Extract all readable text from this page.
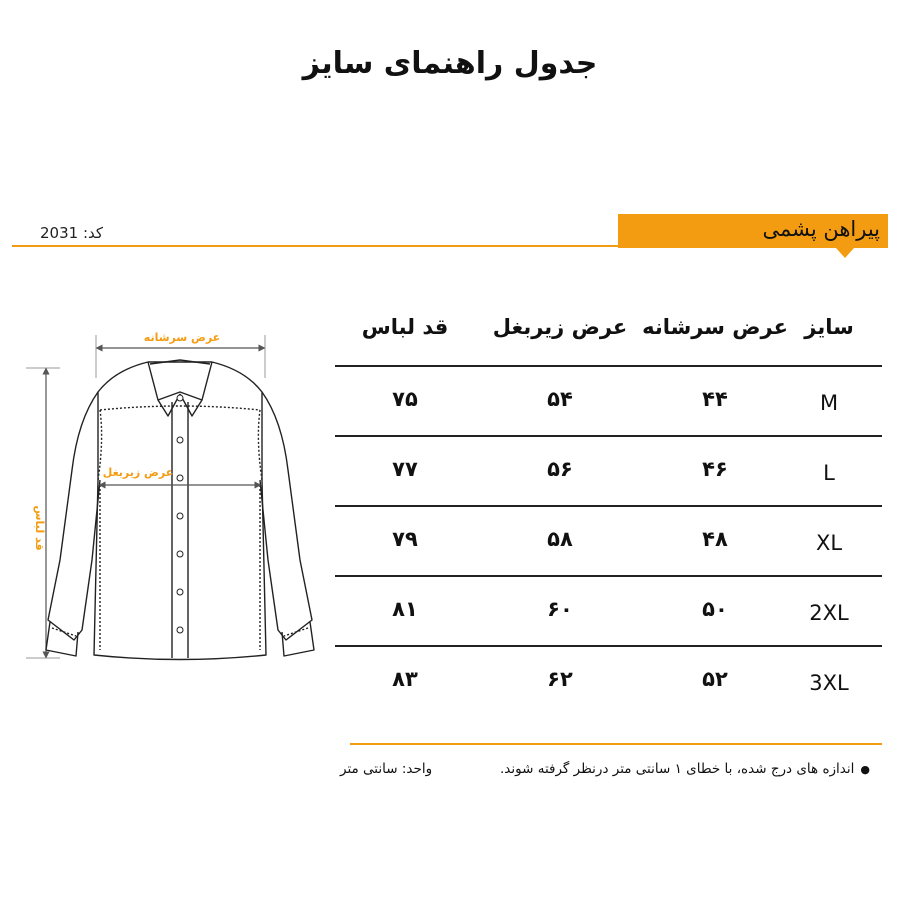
جدول راهنمای سایز
کد: 2031	پیراهن پشمی
عرض سرشانه
قد لباس
عرض زیربغل
سایز
عرض سرشانه
عرض زیربغل
قد لباس
M
۴۴
۵۴
۷۵
L
۴۶
۵۶
۷۷
XL
۴۸
۵۸
۷۹
2XL
۵۰
۶۰
۸۱
3XL
۵۲
۶۲
۸۳
●اندازه های درج شده، با خطای ۱ سانتی متر درنظر گرفته شوند.
واحد: سانتی متر
